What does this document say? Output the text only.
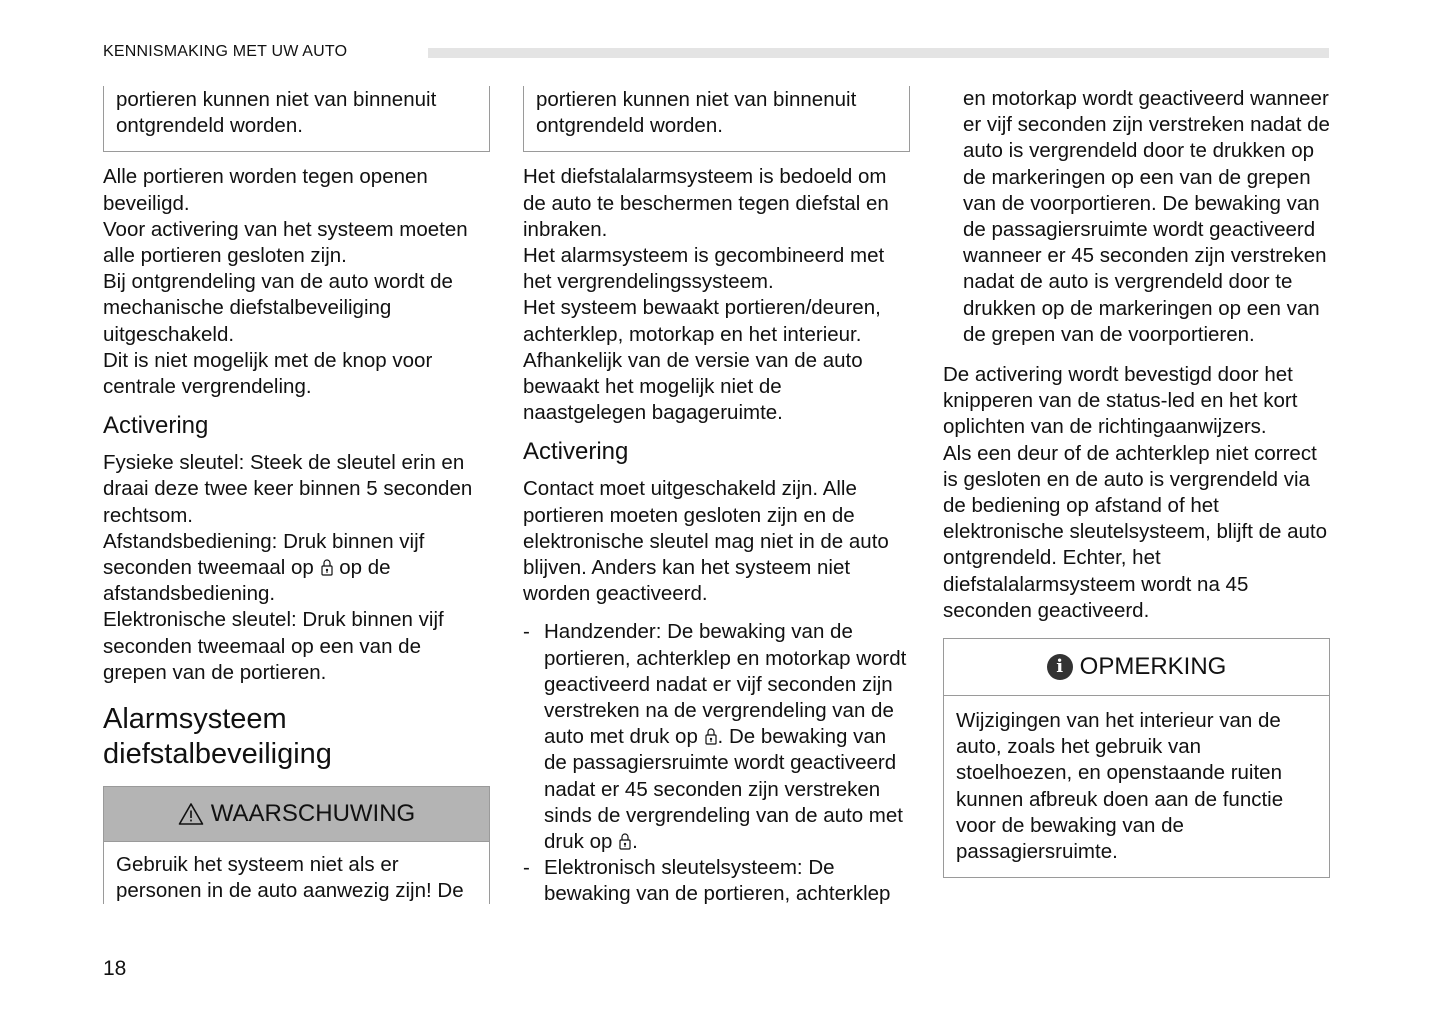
KENNISMAKING MET UW AUTO

portieren kunnen niet van binnenuit ontgrendeld worden.

Alle portieren worden tegen openen beveiligd.

Voor activering van het systeem moeten alle portieren gesloten zijn.

Bij ontgrendeling van de auto wordt de mechanische diefstalbeveiliging uitgeschakeld.

Dit is niet mogelijk met de knop voor centrale vergrendeling.

Activering

Fysieke sleutel: Steek de sleutel erin en draai deze twee keer binnen 5 seconden rechtsom.

Afstandsbediening: Druk binnen vijf seconden tweemaal op  op de afstandsbediening.

Elektronische sleutel: Druk binnen vijf seconden tweemaal op een van de grepen van de portieren.

Alarmsysteem diefstalbeveiliging
WAARSCHUWING

Gebruik het systeem niet als er personen in de auto aanwezig zijn! De

portieren kunnen niet van binnenuit ontgrendeld worden.

Het diefstalalarmsysteem is bedoeld om de auto te beschermen tegen diefstal en inbraken.

Het alarmsysteem is gecombineerd met het vergrendelingssysteem.

Het systeem bewaakt portieren/deuren, achterklep, motorkap en het interieur.

Afhankelijk van de versie van de auto bewaakt het mogelijk niet de naastgelegen bagageruimte.

Activering

Contact moet uitgeschakeld zijn. Alle portieren moeten gesloten zijn en de elektronische sleutel mag niet in de auto blijven. Anders kan het systeem niet worden geactiveerd.

- Handzender: De bewaking van de portieren, achterklep en motorkap wordt geactiveerd nadat er vijf seconden zijn verstreken na de vergrendeling van de auto met druk op . De bewaking van de passagiersruimte wordt geactiveerd nadat er 45 seconden zijn verstreken sinds de vergrendeling van de auto met druk op .

- Elektronisch sleutelsysteem: De bewaking van de portieren, achterklep

en motorkap wordt geactiveerd wanneer er vijf seconden zijn verstreken nadat de auto is vergrendeld door te drukken op de markeringen op een van de grepen van de voorportieren. De bewaking van de passagiersruimte wordt geactiveerd wanneer er 45 seconden zijn verstreken nadat de auto is vergrendeld door te drukken op de markeringen op een van de grepen van de voorportieren.

De activering wordt bevestigd door het knipperen van de status-led en het kort oplichten van de richtingaanwijzers.

Als een deur of de achterklep niet correct is gesloten en de auto is vergrendeld via de bediening op afstand of het elektronische sleutelsysteem, blijft de auto ontgrendeld. Echter, het diefstalalarmsysteem wordt na 45 seconden geactiveerd.

i OPMERKING

Wijzigingen van het interieur van de auto, zoals het gebruik van stoelhoezen, en openstaande ruiten kunnen afbreuk doen aan de functie voor de bewaking van de passagiersruimte.

18
